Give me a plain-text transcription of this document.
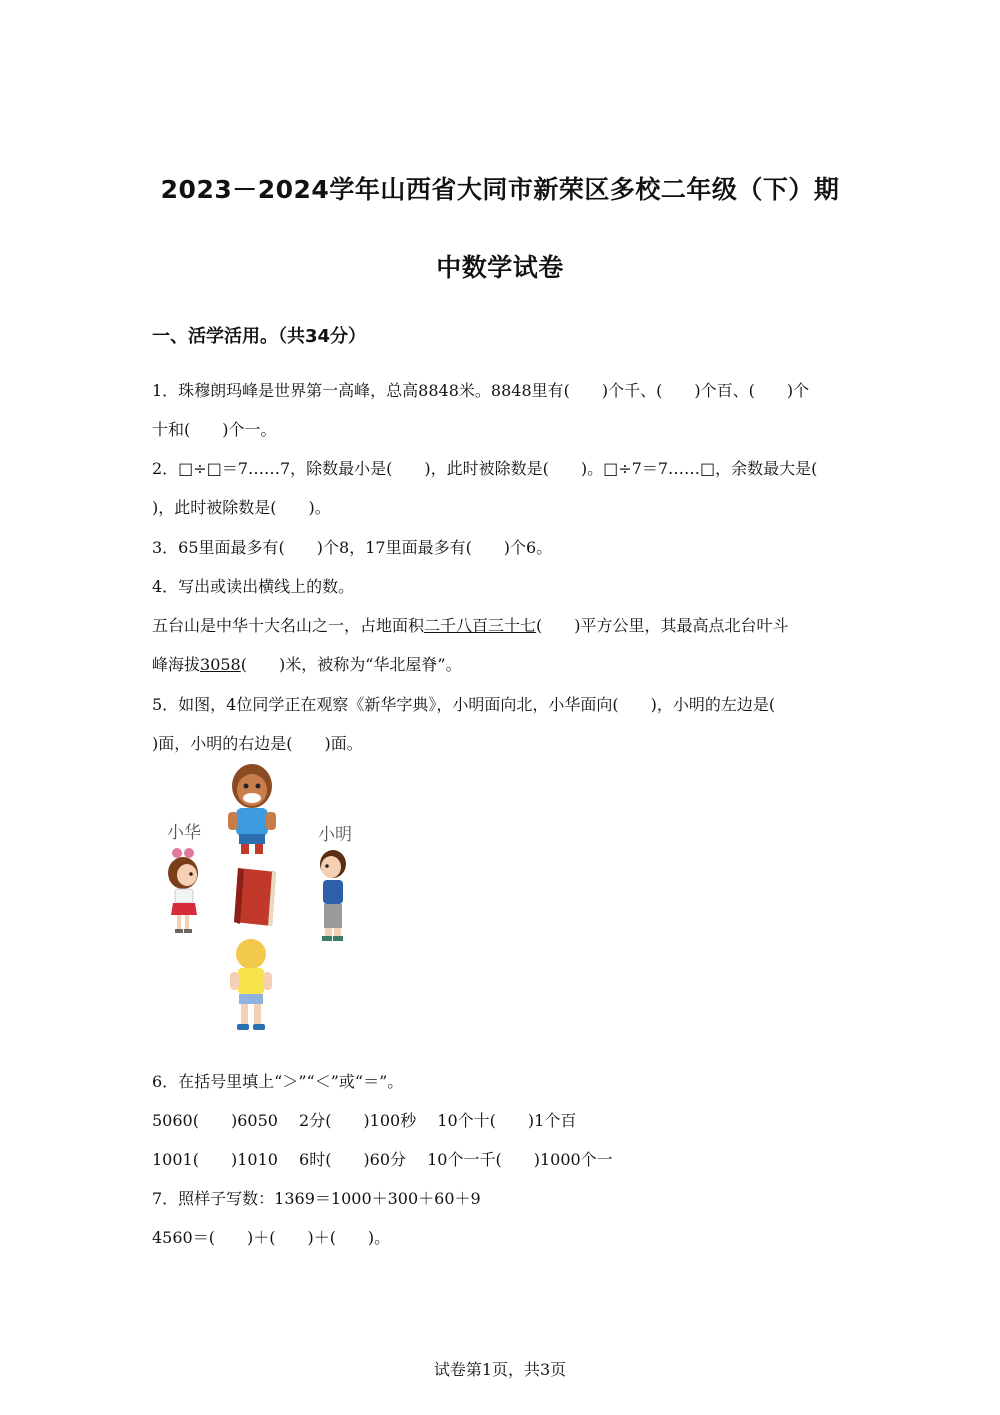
2023－2024学年山西省大同市新荣区多校二年级（下）期
中数学试卷
一、活学活用。（共34分）
1．珠穆朗玛峰是世界第一高峰，总高8848米。8848里有(　　)个千、(　　)个百、(　　)个
十和(　　)个一。
2．□÷□＝7……7，除数最小是(　　)，此时被除数是(　　)。□÷7＝7……□，余数最大是(
)，此时被除数是(　　)。
3．65里面最多有(　　)个8，17里面最多有(　　)个6。
4．写出或读出横线上的数。
五台山是中华十大名山之一，占地面积二千八百三十七(　　)平方公里，其最高点北台叶斗
峰海拔3058(　　)米，被称为“华北屋脊”。
5．如图，4位同学正在观察《新华字典》，小明面向北，小华面向(　　)，小明的左边是(
)面，小明的右边是(　　)面。
小华	小明
6．在括号里填上“＞”“＜”或“＝”。
5060(　　)6050　 2分(　　)100秒　 10个十(　　)1个百
1001(　　)1010　 6时(　　)60分　 10个一千(　　)1000个一
7．照样子写数：1369＝1000＋300＋60＋9
4560＝(　　)＋(　　)＋(　　)。
试卷第1页，共3页
